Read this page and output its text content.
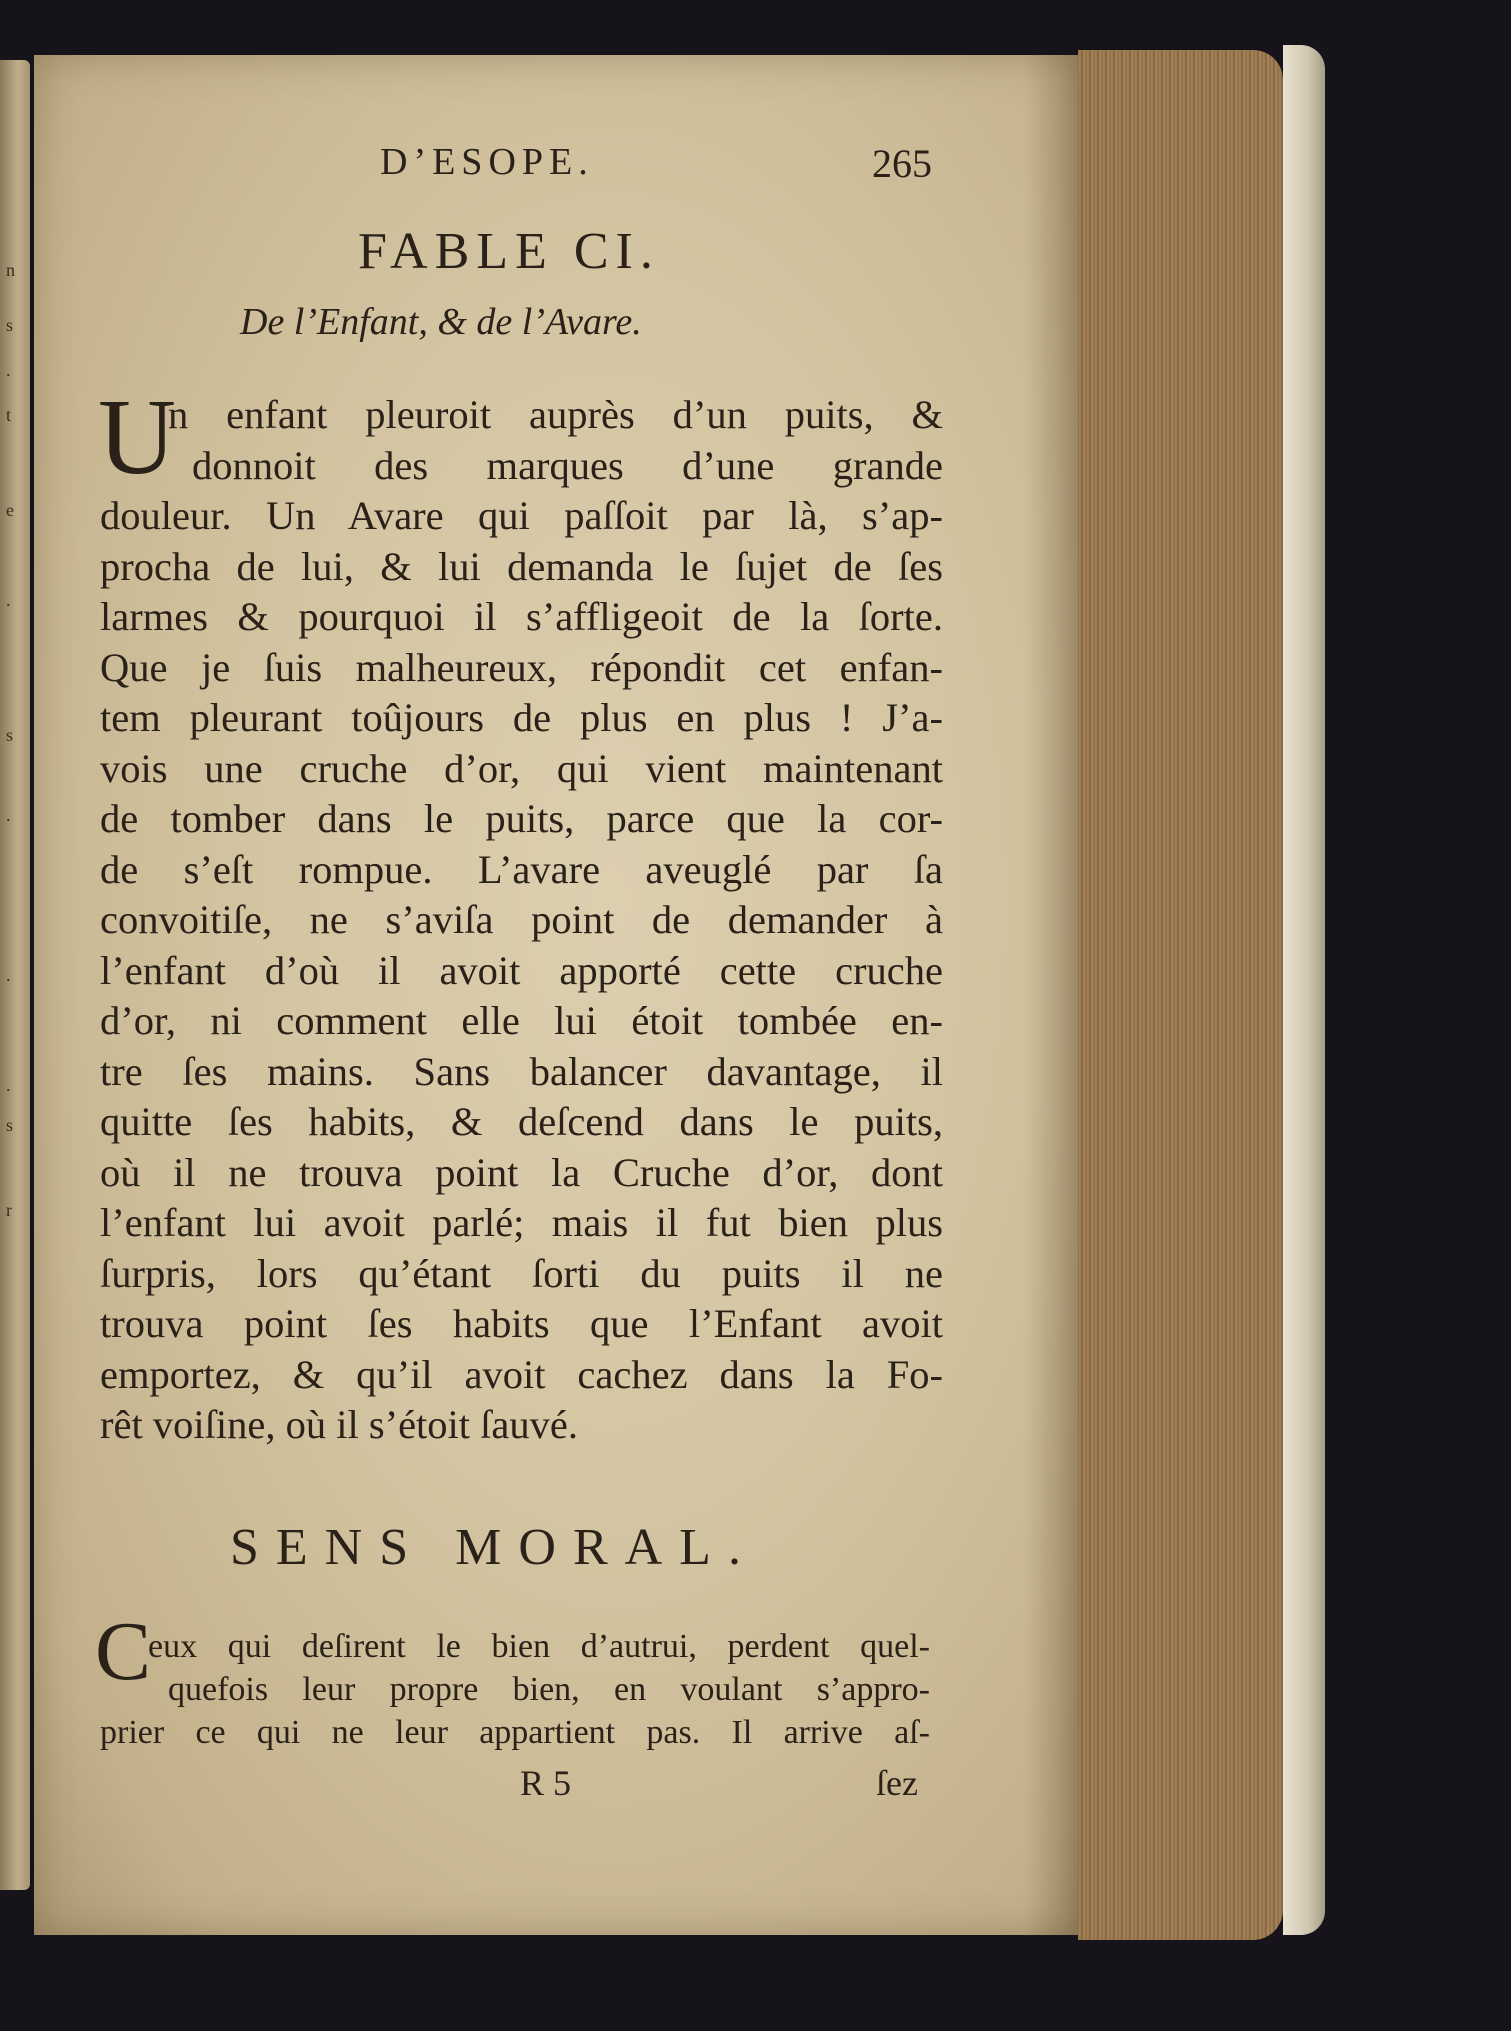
n
s
.
t
e
.
s
.
.
.
s
r
D’ESOPE.	265
FABLE CI.
De l’Enfant, & de l’Avare.
U
n enfant pleuroit auprès d’un puits, &
donnoit des marques d’une grande
douleur. Un Avare qui paſſoit par là, s’ap-
procha de lui, & lui demanda le ſujet de ſes
larmes & pourquoi il s’affligeoit de la ſorte.
Que je ſuis malheureux, répondit cet enfan-
tem pleurant toûjours de plus en plus ! J’a-
vois une cruche d’or, qui vient maintenant
de tomber dans le puits, parce que la cor-
de s’eſt rompue. L’avare aveuglé par ſa
convoitiſe, ne s’aviſa point de demander à
l’enfant d’où il avoit apporté cette cruche
d’or, ni comment elle lui étoit tombée en-
tre ſes mains. Sans balancer davantage, il
quitte ſes habits, & deſcend dans le puits,
où il ne trouva point la Cruche d’or, dont
l’enfant lui avoit parlé; mais il fut bien plus
ſurpris, lors qu’étant ſorti du puits il ne
trouva point ſes habits que l’Enfant avoit
emportez, & qu’il avoit cachez dans la Fo-
rêt voiſine, où il s’étoit ſauvé.
SENS MORAL.
C
eux qui deſirent le bien d’autrui, perdent quel-
quefois leur propre bien, en voulant s’appro-
prier ce qui ne leur appartient pas. Il arrive aſ-
R 5	ſez
